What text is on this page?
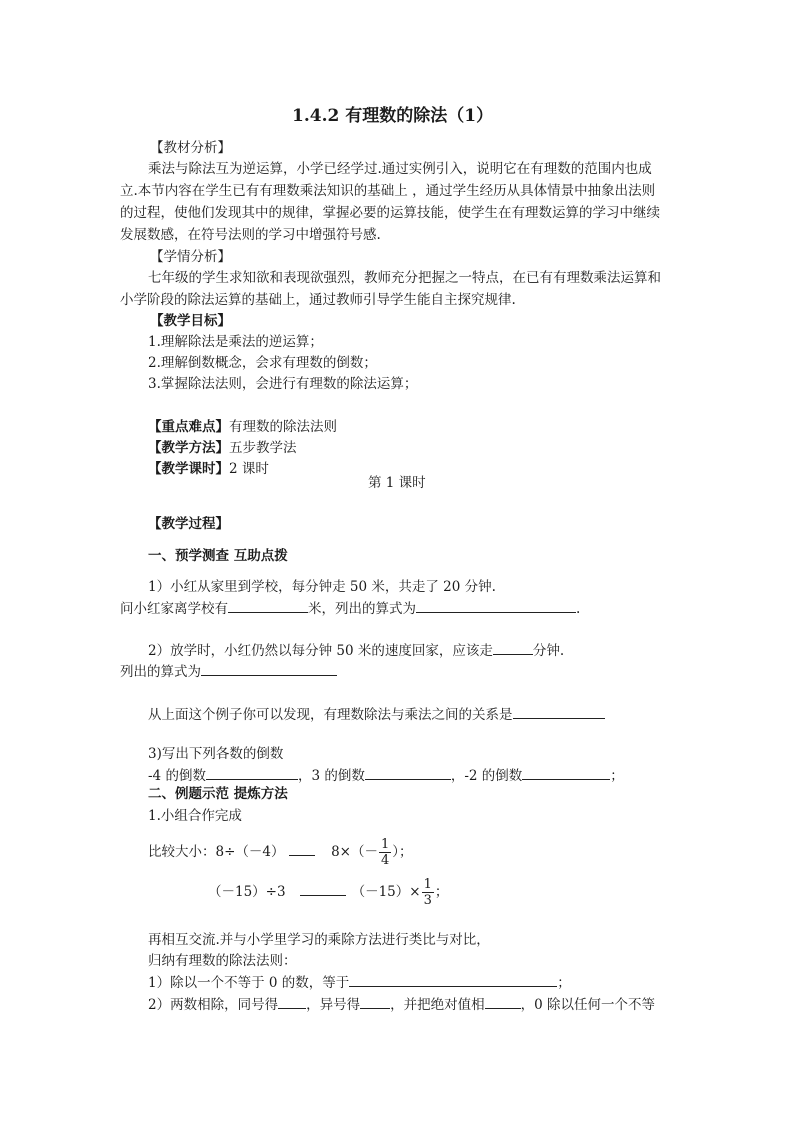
1.4.2 有理数的除法（1）
【教材分析】
乘法与除法互为逆运算，小学已经学过.通过实例引入，说明它在有理数的范围内也成
立.本节内容在学生已有有理数乘法知识的基础上 ，通过学生经历从具体情景中抽象出法则
的过程，使他们发现其中的规律，掌握必要的运算技能，使学生在有理数运算的学习中继续
发展数感，在符号法则的学习中增强符号感.
【学情分析】
七年级的学生求知欲和表现欲强烈，教师充分把握之一特点，在已有有理数乘法运算和
小学阶段的除法运算的基础上，通过教师引导学生能自主探究规律.
【教学目标】
1.理解除法是乘法的逆运算；
2.理解倒数概念，会求有理数的倒数；
3.掌握除法法则，会进行有理数的除法运算；
【重点难点】有理数的除法法则
【教学方法】五步教学法
【教学课时】2 课时
第 1 课时
【教学过程】
一、预学测查 互助点拨
1）小红从家里到学校，每分钟走 50 米，共走了 20 分钟.
问小红家离学校有	米，列出的算式为	.
2）放学时，小红仍然以每分钟 50 米的速度回家，应该走	分钟.
列出的算式为
从上面这个例子你可以发现，有理数除法与乘法之间的关系是
3)写出下列各数的倒数
-4 的倒数	，3 的倒数	，-2 的倒数	；
二、例题示范 提炼方法
1.小组合作完成
比较大小：8÷（－4）	$8\times(- \frac{1}{4}$ ）；
（－15）÷3	$(-15)\times \frac{1}{3}$ ；
再相互交流.并与小学里学习的乘除方法进行类比与对比，
归纳有理数的除法法则：
1）除以一个不等于 0 的数，等于	；
2）两数相除，同号得 ，异号得 ，并把绝对值相	，0 除以任何一个不等
